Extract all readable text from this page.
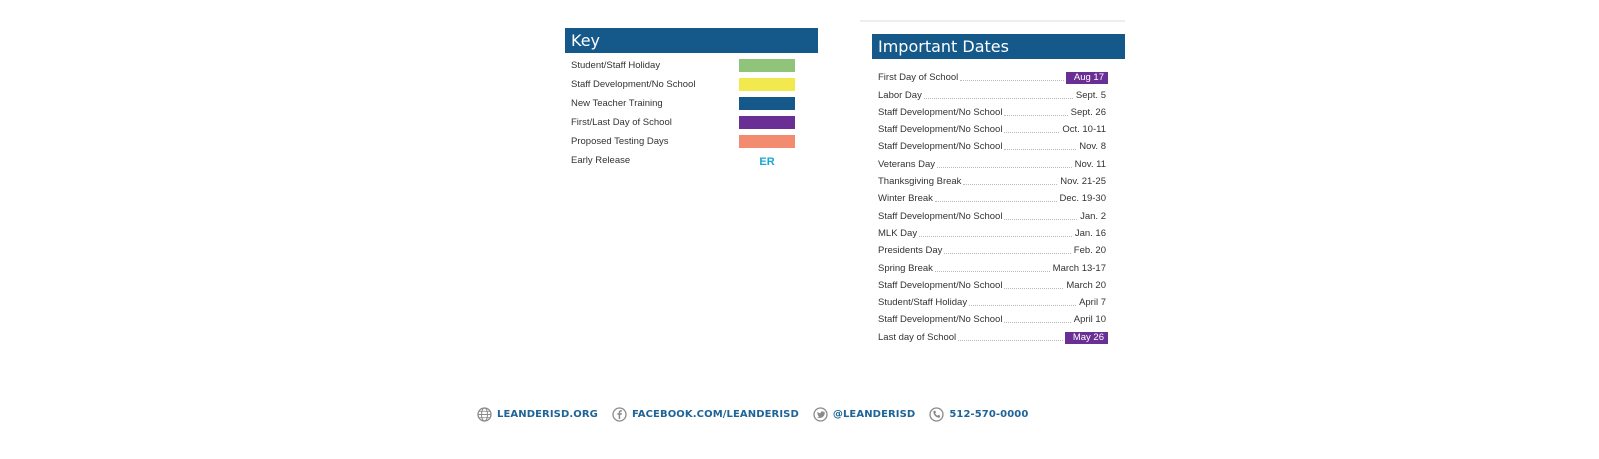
Key
Student/Staff Holiday
Staff Development/No School
New Teacher Training
First/Last Day of School
Proposed Testing Days
Early Release	ER
Important Dates
First Day of School	Aug 17
Labor Day	Sept. 5
Staff Development/No School	Sept. 26
Staff Development/No School	Oct. 10-11
Staff Development/No School	Nov. 8
Veterans Day	Nov. 11
Thanksgiving Break	Nov. 21-25
Winter Break	Dec. 19-30
Staff Development/No School	Jan. 2
MLK Day	Jan. 16
Presidents Day	Feb. 20
Spring Break	March 13-17
Staff Development/No School	March 20
Student/Staff Holiday	April 7
Staff Development/No School	April 10
Last day of School	May 26
LEANDERISD.ORG	FACEBOOK.COM/LEANDERISD	@LEANDERISD	512-570-0000
